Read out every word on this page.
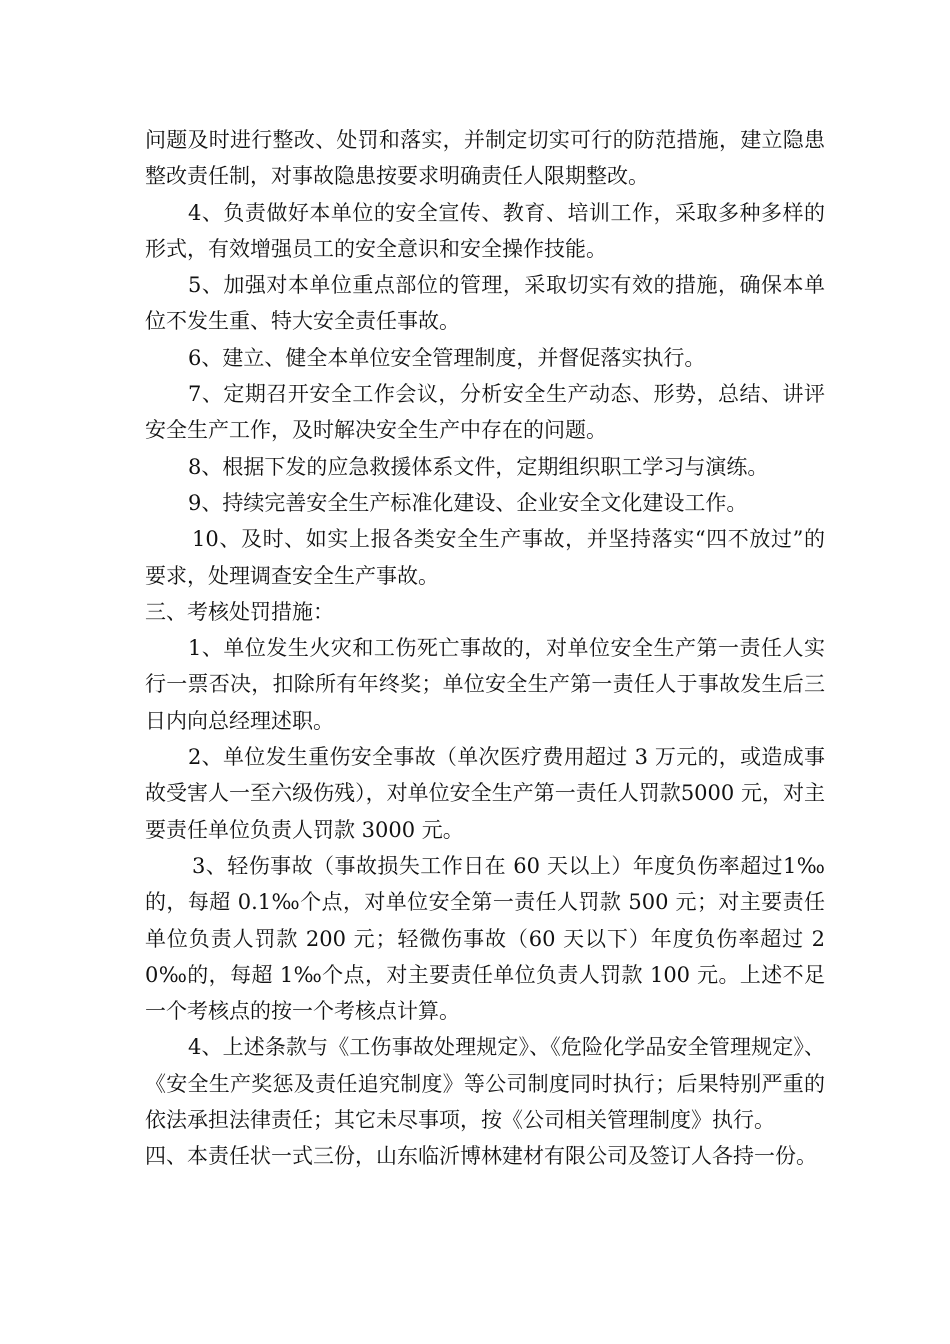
问题及时进行整改、处罚和落实，并制定切实可行的防范措施，建立隐患整改责任制，对事故隐患按要求明确责任人限期整改。

4、负责做好本单位的安全宣传、教育、培训工作，采取多种多样的形式，有效增强员工的安全意识和安全操作技能。

5、加强对本单位重点部位的管理，采取切实有效的措施，确保本单位不发生重、特大安全责任事故。

6、建立、健全本单位安全管理制度，并督促落实执行。

7、定期召开安全工作会议，分析安全生产动态、形势，总结、讲评安全生产工作，及时解决安全生产中存在的问题。

8、根据下发的应急救援体系文件，定期组织职工学习与演练。

9、持续完善安全生产标准化建设、企业安全文化建设工作。

10、及时、如实上报各类安全生产事故，并坚持落实“四不放过”的要求，处理调查安全生产事故。

三、考核处罚措施：

1、单位发生火灾和工伤死亡事故的，对单位安全生产第一责任人实行一票否决，扣除所有年终奖；单位安全生产第一责任人于事故发生后三日内向总经理述职。

2、单位发生重伤安全事故（单次医疗费用超过 3 万元的，或造成事故受害人一至六级伤残），对单位安全生产第一责任人罚款5000 元，对主要责任单位负责人罚款 3000 元。

3、轻伤事故（事故损失工作日在 60 天以上）年度负伤率超过1‰的，每超 0.1‰个点，对单位安全第一责任人罚款 500 元；对主要责任单位负责人罚款 200 元；轻微伤事故（60 天以下）年度负伤率超过 20‰的，每超 1‰个点，对主要责任单位负责人罚款 100 元。上述不足一个考核点的按一个考核点计算。

4、上述条款与《工伤事故处理规定》、《危险化学品安全管理规定》、《安全生产奖惩及责任追究制度》等公司制度同时执行；后果特别严重的依法承担法律责任；其它未尽事项，按《公司相关管理制度》执行。

四、本责任状一式三份，山东临沂博林建材有限公司及签订人各持一份。
